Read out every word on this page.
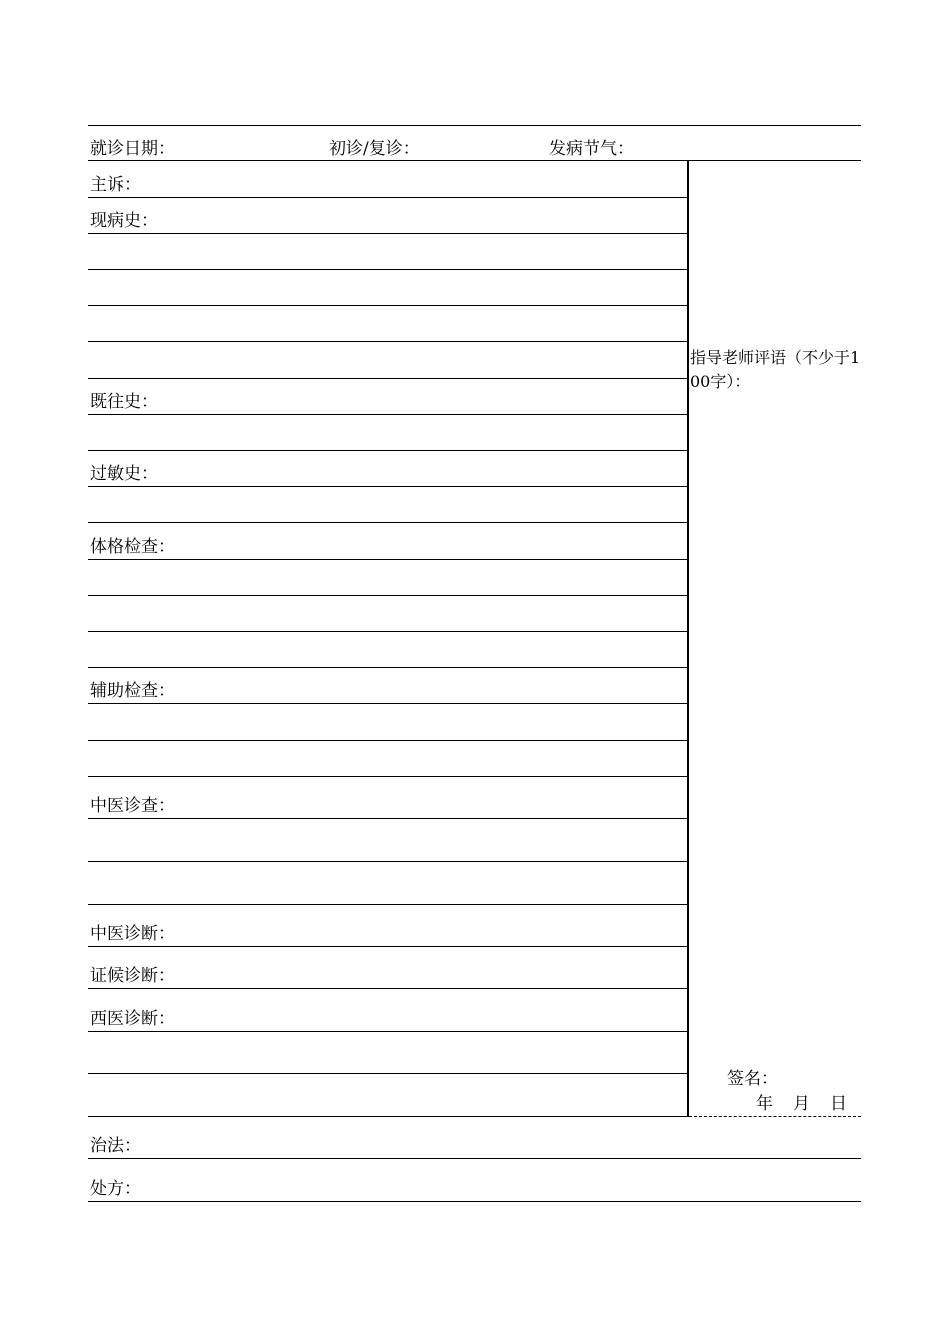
就诊日期：	初诊/复诊：	发病节气：
主诉：
现病史：
既往史：
过敏史：
体格检查：
辅助检查：
中医诊查：
中医诊断：
证候诊断：
西医诊断：
指导老师评语（不少于100字）：
签名：
年 月 日
治法：
处方：
